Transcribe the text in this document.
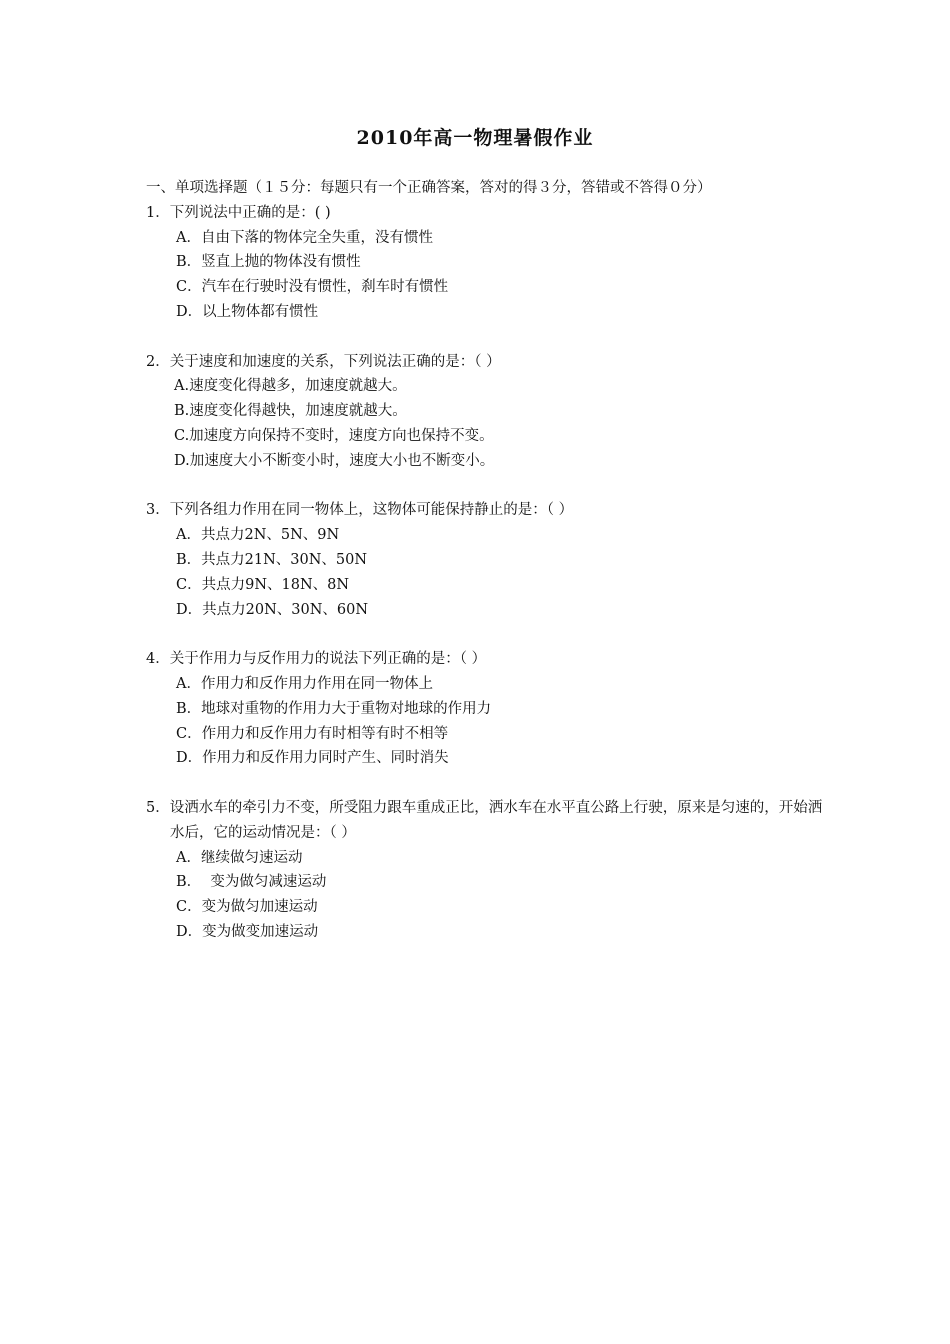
2010年高一物理暑假作业
一、单项选择题（１５分：每题只有一个正确答案，答对的得３分，答错或不答得０分）
1．下列说法中正确的是：( )
A．自由下落的物体完全失重，没有惯性
B．竖直上抛的物体没有惯性
C．汽车在行驶时没有惯性，刹车时有惯性
D．以上物体都有惯性
2．关于速度和加速度的关系，下列说法正确的是：（ ）
A.速度变化得越多，加速度就越大。
B.速度变化得越快，加速度就越大。
C.加速度方向保持不变时，速度方向也保持不变。
D.加速度大小不断变小时，速度大小也不断变小。
3．下列各组力作用在同一物体上，这物体可能保持静止的是：（ ）
A．共点力2N、5N、9N
B．共点力21N、30N、50N
C．共点力9N、18N、8N
D．共点力20N、30N、60N
4．关于作用力与反作用力的说法下列正确的是：（ ）
A．作用力和反作用力作用在同一物体上
B．地球对重物的作用力大于重物对地球的作用力
C．作用力和反作用力有时相等有时不相等
D．作用力和反作用力同时产生、同时消失
5．设洒水车的牵引力不变，所受阻力跟车重成正比，洒水车在水平直公路上行驶，原来是匀速的，开始洒水后，它的运动情况是：（ ）
A．继续做匀速运动
B．  变为做匀减速运动
C．变为做匀加速运动
D．变为做变加速运动
